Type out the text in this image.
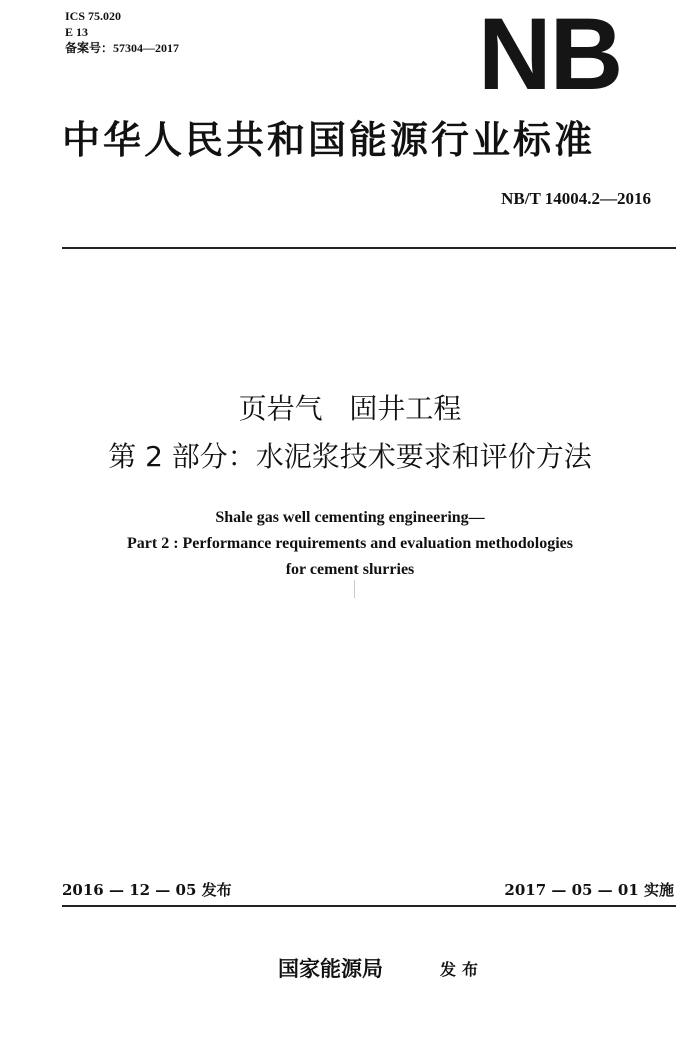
ICS 75.020
E 13
备案号：57304—2017	NB
中华人民共和国能源行业标准
NB/T 14004.2—2016
页岩气   固井工程
第 2 部分：水泥浆技术要求和评价方法
Shale gas well cementing engineering—
Part 2 : Performance requirements and evaluation methodologies
for cement slurries
2016 — 12 — 05 发布	2017 — 05 — 01 实施
国家能源局	发布
